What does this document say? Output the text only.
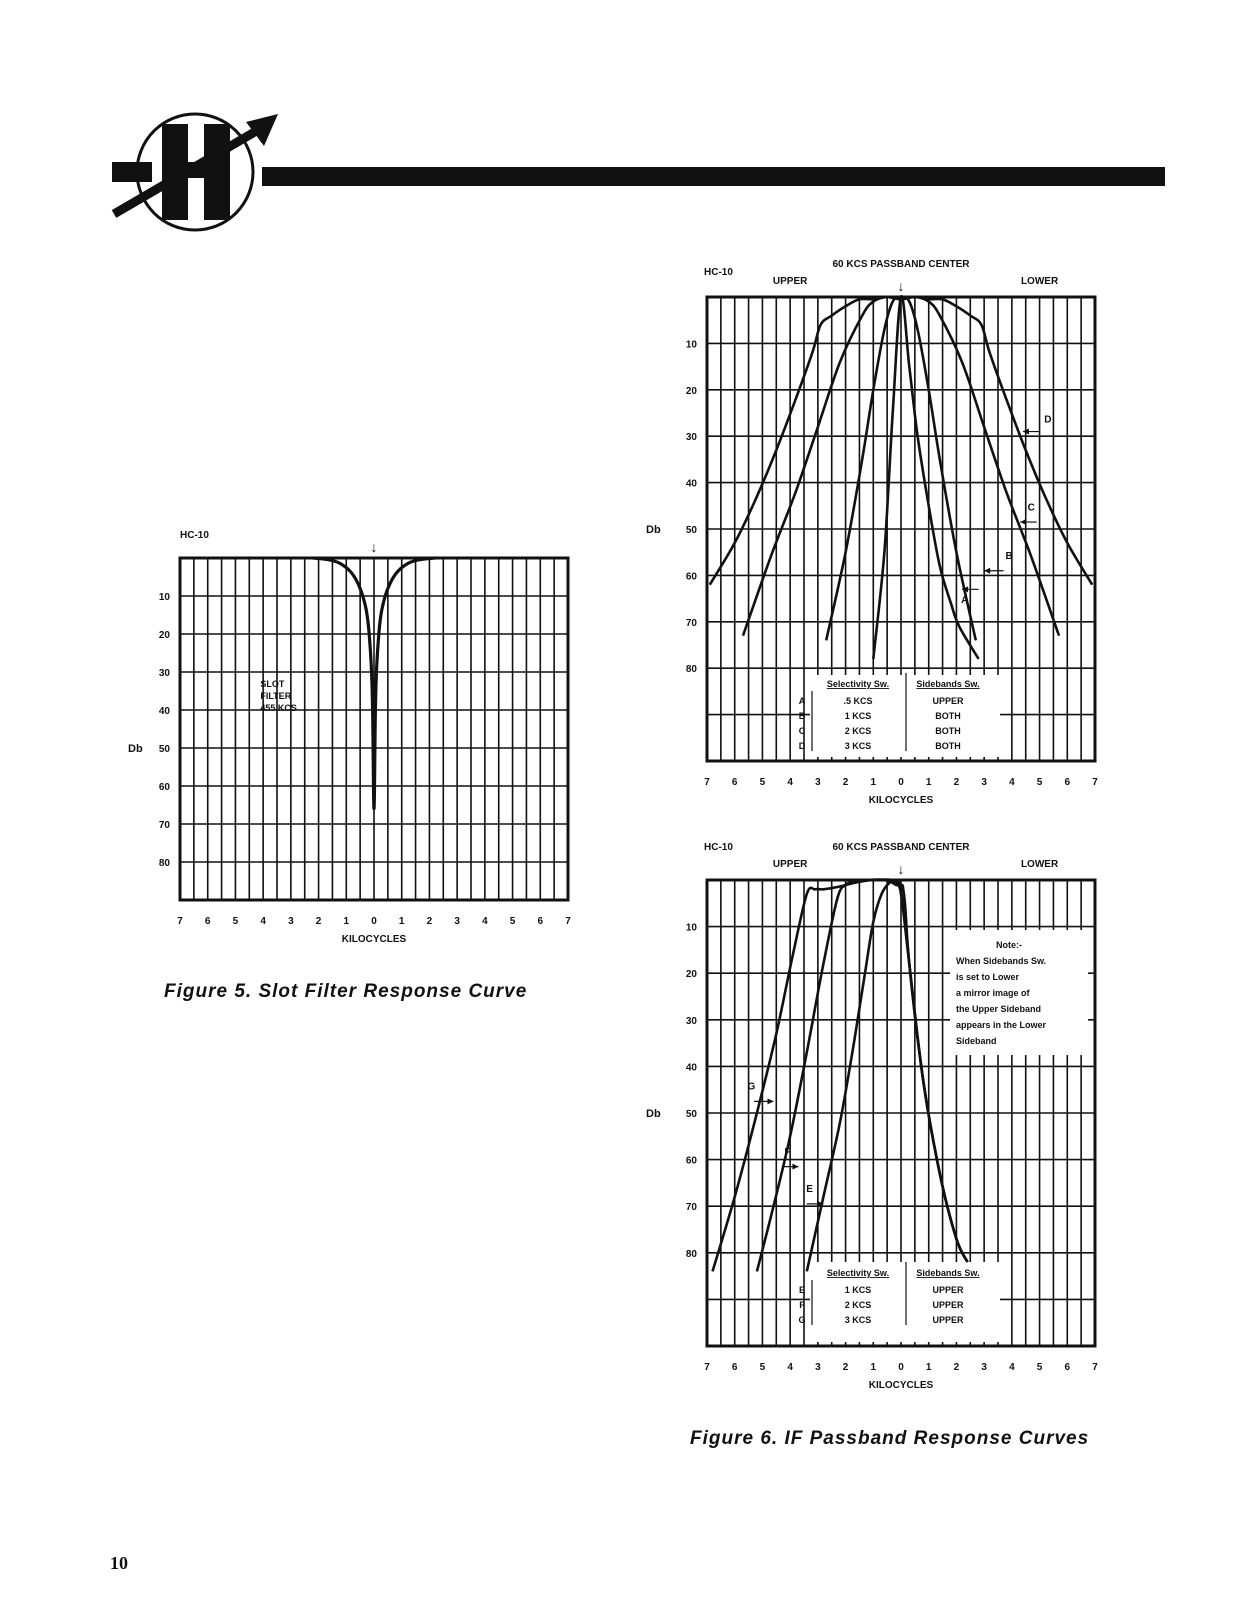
10
20
30
40
50
60
70
80
7 6 5 4 3 2 1 0 1 2 3 4 5 6 7
KILOCYCLES
Db
HC-10
↓
SLOT
FILTER
455 KCS
Figure 5. Slot Filter Response Curve
10
20
30
40
50
60
70
80
7 6 5 4 3 2 1 0 1 2 3 4 5 6 7
KILOCYCLES
Db
HC-10
↓
60 KCS PASSBAND CENTER
UPPER	LOWER
D
C
B
A
Selectivity Sw.	Sidebands Sw.
A	.5 KCS	UPPER
B	1 KCS	BOTH
C	2 KCS	BOTH
D	3 KCS	BOTH
10
20
30
40
50
60
70
80
7 6 5 4 3 2 1 0 1 2 3 4 5 6 7
KILOCYCLES
Db
HC-10
↓
60 KCS PASSBAND CENTER
UPPER	LOWER
G
F
E
Note:-
When Sidebands Sw.
is set to Lower
a mirror image of
the Upper Sideband
appears in the Lower
Sideband
Selectivity Sw.	Sidebands Sw.
E	1 KCS	UPPER
F	2 KCS	UPPER
G	3 KCS	UPPER
Figure 6. IF Passband Response Curves
10
